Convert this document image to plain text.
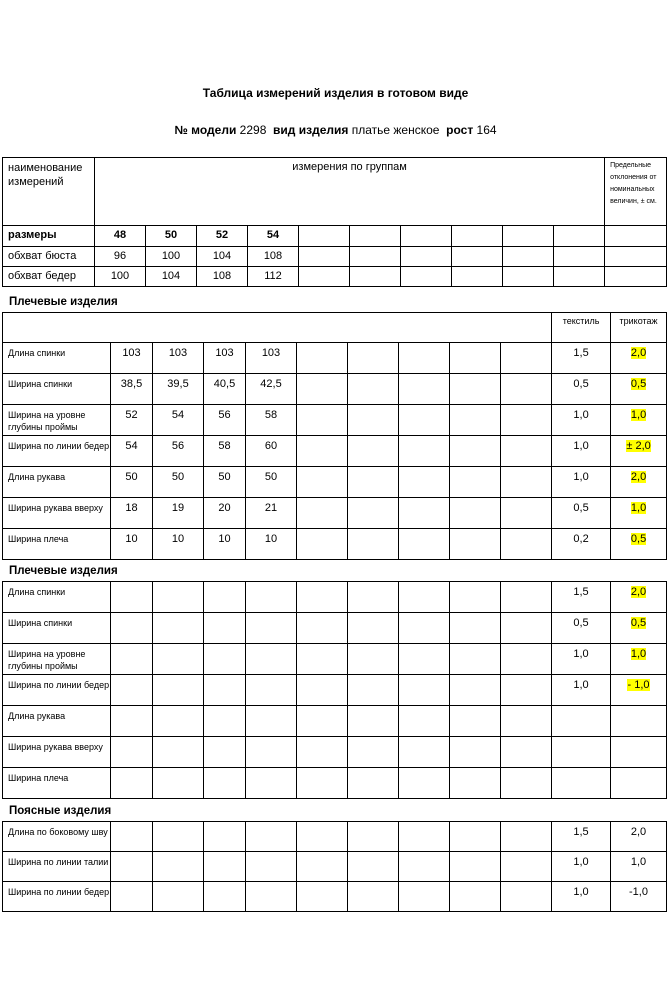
Таблица измерений изделия в готовом виде
№ модели 2298 вид изделия платье женское рост 164
наименование измерений	измерения по группам										Предельные отклонения от номинальных величин, ± см.
размеры	48	50	52	54							
обхват бюста	96	100	104	108							
обхват бедер	100	104	108	112							
Плечевые изделия
										текстиль	трикотаж
Длина спинки	103	103	103	103						1,5	2,0
Ширина спинки	38,5	39,5	40,5	42,5						0,5	0,5
Ширина на уровне глубины проймы	52	54	56	58						1,0	1,0
Ширина по линии бедер	54	56	58	60						1,0	± 2,0
Длина рукава	50	50	50	50						1,0	2,0
Ширина рукава вверху	18	19	20	21						0,5	1,0
Ширина плеча	10	10	10	10						0,2	0,5
Плечевые изделия
Длина спинки										1,5	2,0
Ширина спинки										0,5	0,5
Ширина на уровне глубины проймы										1,0	1,0
Ширина по линии бедер										1,0	- 1,0
Длина рукава											
Ширина рукава вверху											
Ширина плеча											
Поясные изделия
Длина по боковому шву										1,5	2,0
Ширина по линии талии										1,0	1,0
Ширина по линии бедер										1,0	-1,0
